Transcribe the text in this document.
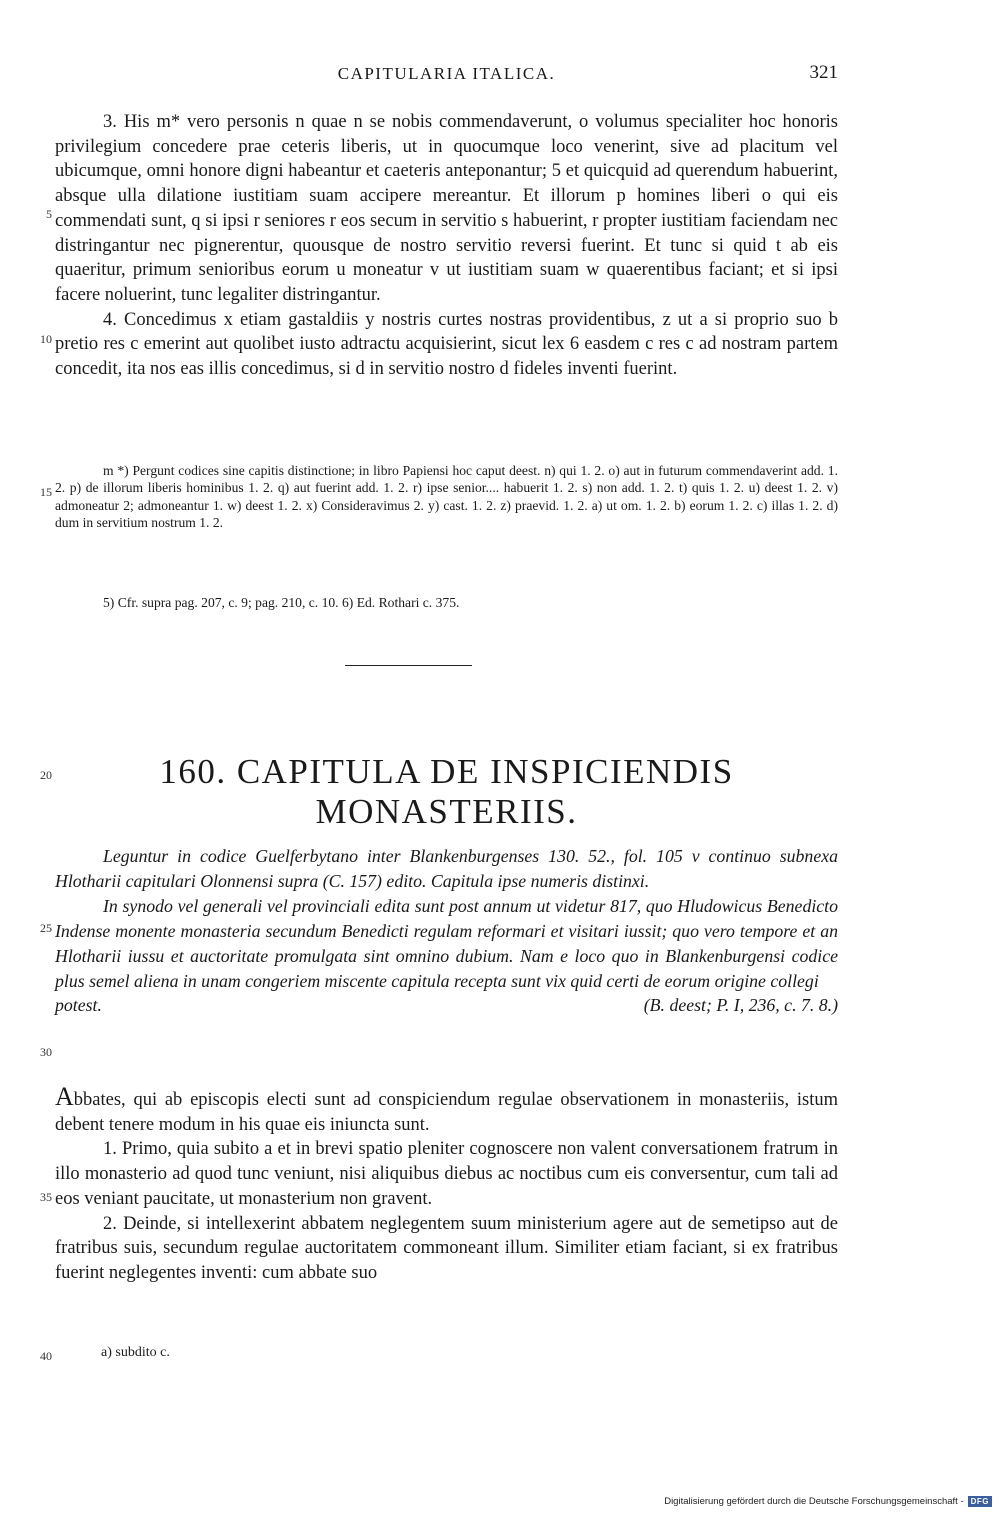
CAPITULARIA ITALICA.	321
5
10
15
20
25
30
35
40

3. His m* vero personis n quae n se nobis commendaverunt, o volumus specialiter hoc honoris privilegium concedere prae ceteris liberis, ut in quocumque loco venerint, sive ad placitum vel ubicumque, omni honore digni habeantur et caeteris anteponantur; 5 et quicquid ad querendum habuerint, absque ulla dilatione iustitiam suam accipere mereantur. Et illorum p homines liberi o qui eis commendati sunt, q si ipsi r seniores r eos secum in servitio s habuerint, r propter iustitiam faciendam nec distringantur nec pignerentur, quousque de nostro servitio reversi fuerint. Et tunc si quid t ab eis quaeritur, primum senioribus eorum u moneatur v ut iustitiam suam w quaerentibus faciant; et si ipsi facere noluerint, tunc legaliter distringantur.

4. Concedimus x etiam gastaldiis y nostris curtes nostras providentibus, z ut a si proprio suo b pretio res c emerint aut quolibet iusto adtractu acquisierint, sicut lex 6 easdem c res c ad nostram partem concedit, ita nos eas illis concedimus, si d in servitio nostro d fideles inventi fuerint.

m *) Pergunt codices sine capitis distinctione; in libro Papiensi hoc caput deest. n) qui 1. 2. o) aut in futurum commendaverint add. 1. 2. p) de illorum liberis hominibus 1. 2. q) aut fuerint add. 1. 2. r) ipse senior.... habuerit 1. 2. s) non add. 1. 2. t) quis 1. 2. u) deest 1. 2. v) admoneatur 2; admoneantur 1. w) deest 1. 2. x) Consideravimus 2. y) cast. 1. 2. z) praevid. 1. 2. a) ut om. 1. 2. b) eorum 1. 2. c) illas 1. 2. d) dum in servitium nostrum 1. 2.

5) Cfr. supra pag. 207, c. 9; pag. 210, c. 10. 6) Ed. Rothari c. 375.

160. CAPITULA DE INSPICIENDIS
MONASTERIIS.

Leguntur in codice Guelferbytano inter Blankenburgenses 130. 52., fol. 105 v continuo subnexa Hlotharii capitulari Olonnensi supra (C. 157) edito. Capitula ipse numeris distinxi.

In synodo vel generali vel provinciali edita sunt post annum ut videtur 817, quo Hludowicus Benedicto Indense monente monasteria secundum Benedicti regulam reformari et visitari iussit; quo vero tempore et an Hlotharii iussu et auctoritate promulgata sint omnino dubium. Nam e loco quo in Blankenburgensi codice plus semel aliena in unam congeriem miscente capitula recepta sunt vix quid certi de eorum origine collegi

potest.	(B. deest; P. I, 236, c. 7. 8.)

Abbates, qui ab episcopis electi sunt ad conspiciendum regulae observationem in monasteriis, istum debent tenere modum in his quae eis iniuncta sunt.

1. Primo, quia subito a et in brevi spatio pleniter cognoscere non valent conversationem fratrum in illo monasterio ad quod tunc veniunt, nisi aliquibus diebus ac noctibus cum eis conversentur, cum tali ad eos veniant paucitate, ut monasterium non gravent.

2. Deinde, si intellexerint abbatem neglegentem suum ministerium agere aut de semetipso aut de fratribus suis, secundum regulae auctoritatem commoneant illum. Similiter etiam faciant, si ex fratribus fuerint neglegentes inventi: cum abbate suo

a) subdito c.
Digitalisierung gefördert durch die Deutsche Forschungsgemeinschaft - DFG
